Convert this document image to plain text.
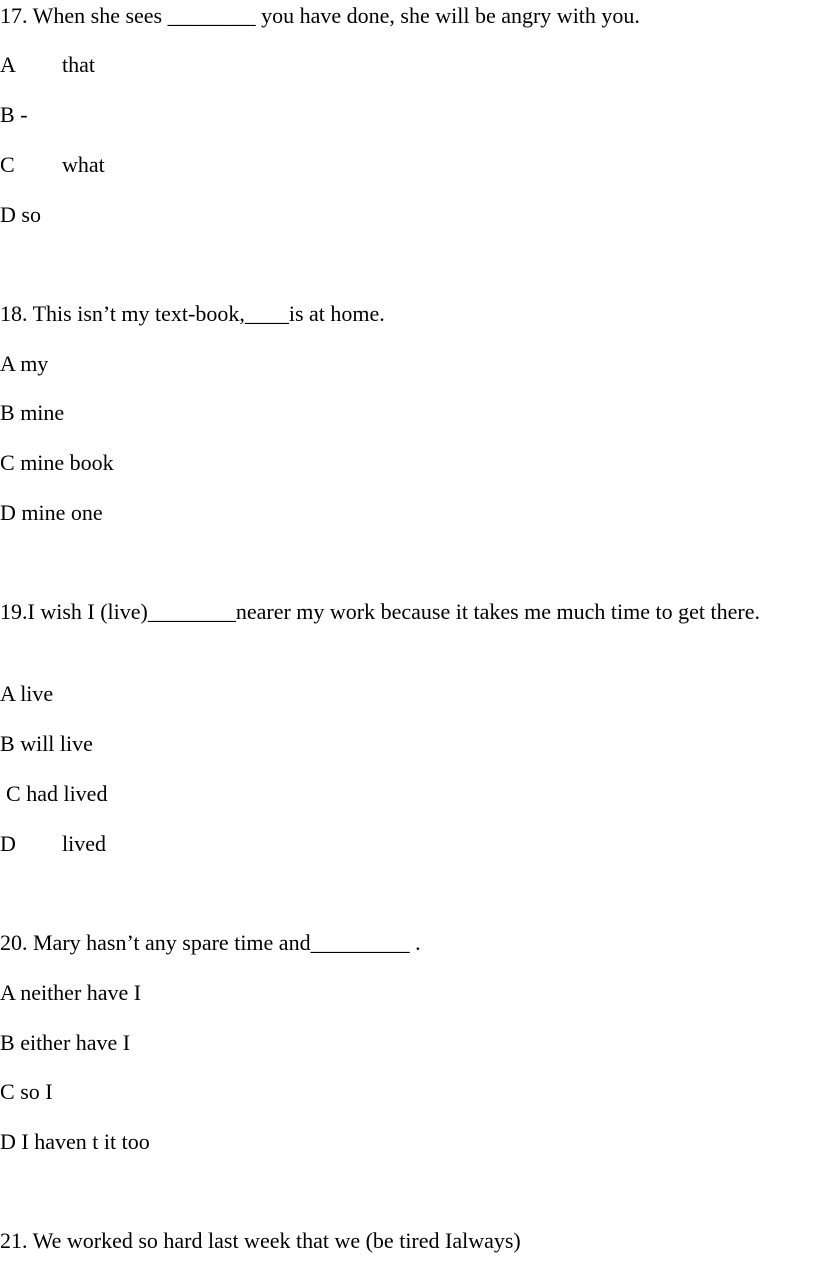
17. When she sees ________ you have done, she will be angry with you.
A that
B -
C what
D so
18. This isn’t my text-book,____is at home.
A my
B mine
C mine book
D mine one
19.I wish I (live)________nearer my work because it takes me much time to get there.
A live
B will live
C had lived
D lived
20. Mary hasn’t any spare time and_________ .
A neither have I
B either have I
C so I
D I haven t it too
21. We worked so hard last week that we (be tired Ialways)
